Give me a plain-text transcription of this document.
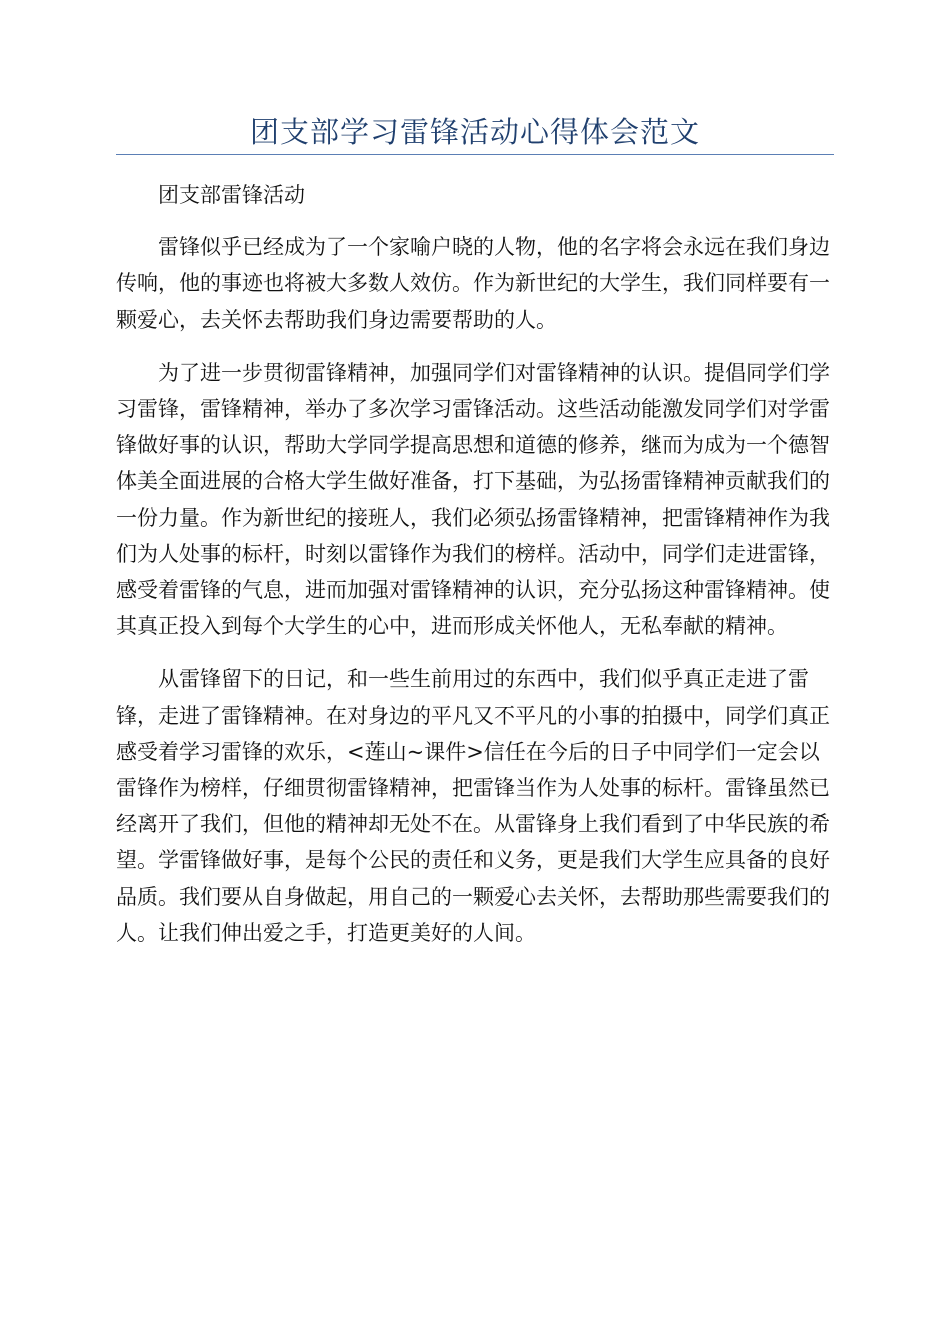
团支部学习雷锋活动心得体会范文

团支部雷锋活动

雷锋似乎已经成为了一个家喻户晓的人物，他的名字将会永远在我们身边传响，他的事迹也将被大多数人效仿。作为新世纪的大学生，我们同样要有一颗爱心，去关怀去帮助我们身边需要帮助的人。

为了进一步贯彻雷锋精神，加强同学们对雷锋精神的认识。提倡同学们学习雷锋，雷锋精神，举办了多次学习雷锋活动。这些活动能激发同学们对学雷锋做好事的认识，帮助大学同学提高思想和道德的修养，继而为成为一个德智体美全面进展的合格大学生做好准备，打下基础，为弘扬雷锋精神贡献我们的一份力量。作为新世纪的接班人，我们必须弘扬雷锋精神，把雷锋精神作为我们为人处事的标杆，时刻以雷锋作为我们的榜样。活动中，同学们走进雷锋，感受着雷锋的气息，进而加强对雷锋精神的认识，充分弘扬这种雷锋精神。使其真正投入到每个大学生的心中，进而形成关怀他人，无私奉献的精神。

从雷锋留下的日记，和一些生前用过的东西中，我们似乎真正走进了雷锋，走进了雷锋精神。在对身边的平凡又不平凡的小事的拍摄中，同学们真正感受着学习雷锋的欢乐，<莲山~课件>信任在今后的日子中同学们一定会以雷锋作为榜样，仔细贯彻雷锋精神，把雷锋当作为人处事的标杆。雷锋虽然已经离开了我们，但他的精神却无处不在。从雷锋身上我们看到了中华民族的希望。学雷锋做好事，是每个公民的责任和义务，更是我们大学生应具备的良好品质。我们要从自身做起，用自己的一颗爱心去关怀，去帮助那些需要我们的人。让我们伸出爱之手，打造更美好的人间。
